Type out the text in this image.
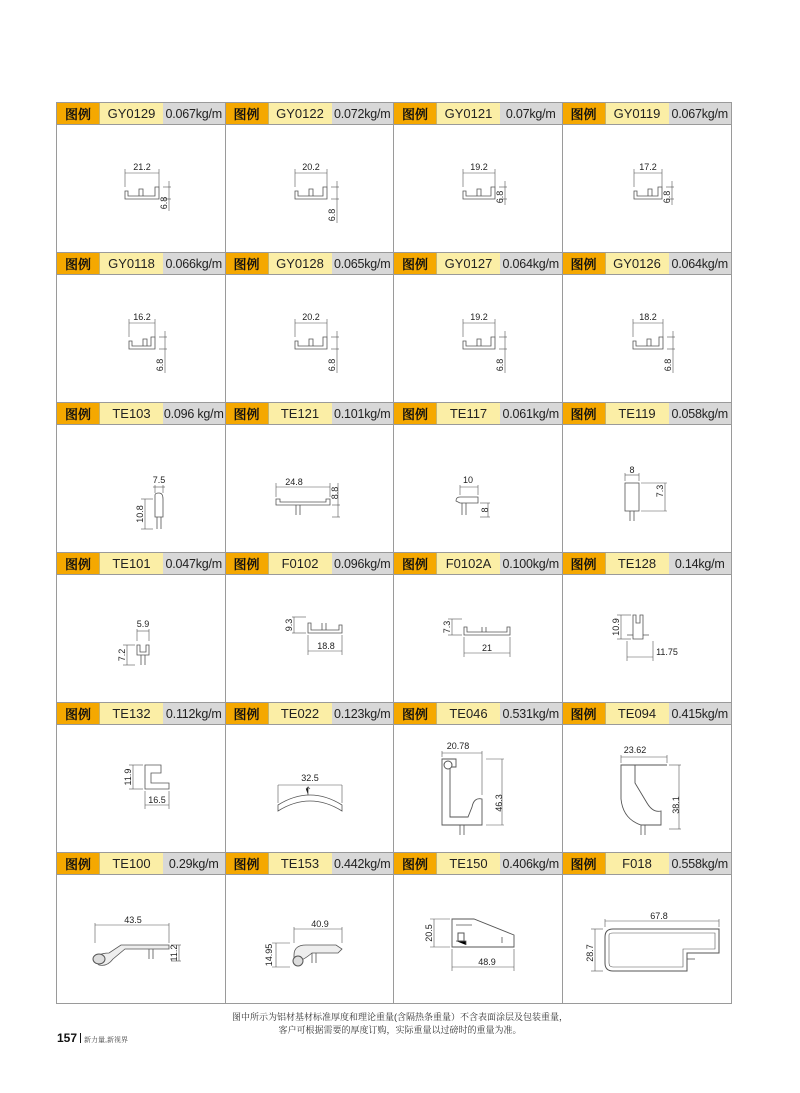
图例	GY0129 0.067kg/m
21.2
6.8
图例	GY0122 0.072kg/m
20.2
6.8
图例	GY0121	0.07kg/m
19.2
6.8
图例	GY0119 0.067kg/m
17.2
6.8
图例	GY0118 0.066kg/m
16.2
6.8
图例	GY0128 0.065kg/m
20.2
6.8
图例	GY0127 0.064kg/m
19.2
6.8
图例	GY0126 0.064kg/m
18.2
6.8
图例	TE103	0.096 kg/m
7.5
10.8
图例	TE121	0.101kg/m
24.8
8.8
图例	TE117	0.061kg/m
10
8
图例	TE119	0.058kg/m
8
7.3
图例	TE101	0.047kg/m
5.9
7.2
图例	F0102	0.096kg/m
9.3
18.8
图例	F0102A 0.100kg/m
7.3
21
图例	TE128	0.14kg/m
10.9
11.75
图例	TE132	0.112kg/m
11.9
16.5
图例	TE022	0.123kg/m
32.5
图例	TE046	0.531kg/m
20.78
46.3
图例	TE094	0.415kg/m
23.62
38.1
图例	TE100	0.29kg/m
43.5
11.2
图例	TE153	0.442kg/m
40.9
14.95
图例	TE150	0.406kg/m
20.5
48.9
图例	F018	0.558kg/m
67.8
28.7
图中所示为铝材基材标准厚度和理论重量(含隔热条重量）不含表面涂层及包装重量，
客户可根据需要的厚度订购，实际重量以过磅时的重量为准。
157 新力量,新视界
